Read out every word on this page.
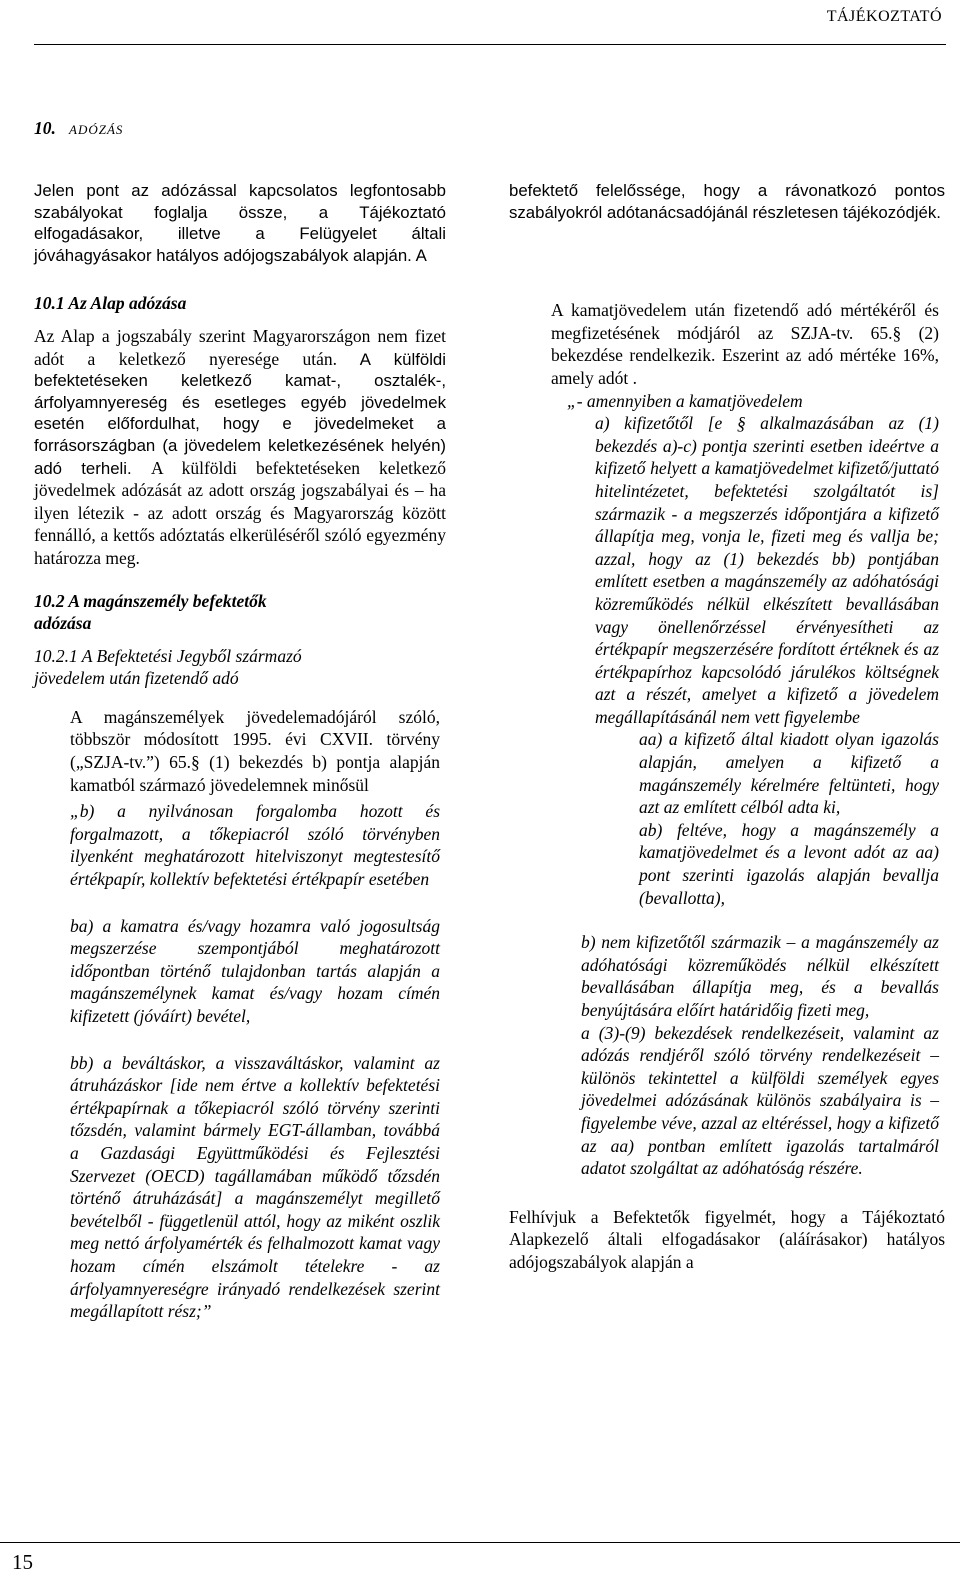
TÁJÉKOZTATÓ
10. ADÓZÁS

Jelen pont az adózással kapcsolatos legfontosabb szabályokat foglalja össze, a Tájékoztató elfogadásakor, illetve a Felügyelet általi jóváhagyásakor hatályos adójogszabályok alapján. A

10.1 Az Alap adózása

Az Alap a jogszabály szerint Magyarországon nem fizet adót a keletkező nyeresége után. A külföldi befektetéseken keletkező kamat-, osztalék-, árfolyamnyereség és esetleges egyéb jövedelmek esetén előfordulhat, hogy e jövedelmeket a forrásországban (a jövedelem keletkezésének helyén) adó terheli. A külföldi befektetéseken keletkező jövedelmek adózását az adott ország jogszabályai és – ha ilyen létezik - az adott ország és Magyarország között fennálló, a kettős adóztatás elkerüléséről szóló egyezmény határozza meg.

10.2 A magánszemély befektetők adózása

10.2.1 A Befektetési Jegyből származó jövedelem után fizetendő adó

A magánszemélyek jövedelemadójáról szóló, többször módosított 1995. évi CXVII. törvény („SZJA-tv.”) 65.§ (1) bekezdés b) pontja alapján kamatból származó jövedelemnek minősül

„b) a nyilvánosan forgalomba hozott és forgalmazott, a tőkepiacról szóló törvényben ilyenként meghatározott hitelviszonyt megtestesítő értékpapír, kollektív befektetési értékpapír esetében

ba) a kamatra és/vagy hozamra való jogosultság megszerzése szempontjából meghatározott időpontban történő tulajdonban tartás alapján a magánszemélynek kamat és/vagy hozam címén kifizetett (jóváírt) bevétel,

bb) a beváltáskor, a visszaváltáskor, valamint az átruházáskor [ide nem értve a kollektív befektetési értékpapírnak a tőkepiacról szóló törvény szerinti tőzsdén, valamint bármely EGT-államban, továbbá a Gazdasági Együttműködési és Fejlesztési Szervezet (OECD) tagállamában működő tőzsdén történő átruházását] a magánszemélyt megillető bevételből - függetlenül attól, hogy az miként oszlik meg nettó árfolyamérték és felhalmozott kamat vagy hozam címén elszámolt tételekre - az árfolyamnyereségre irányadó rendelkezések szerint megállapított rész;”

befektető felelőssége, hogy a rávonatkozó pontos szabályokról adótanácsadójánál részletesen tájékozódjék.

A kamatjövedelem után fizetendő adó mértékéről és megfizetésének módjáról az SZJA-tv. 65.§ (2) bekezdése rendelkezik. Eszerint az adó mértéke 16%, amely adót .

„- amennyiben a kamatjövedelem

a) kifizetőtől [e § alkalmazásában az (1) bekezdés a)-c) pontja szerinti esetben ideértve a kifizető helyett a kamatjövedelmet kifizető/juttató hitelintézetet, befektetési szolgáltatót is] származik - a megszerzés időpontjára a kifizető állapítja meg, vonja le, fizeti meg és vallja be; azzal, hogy az (1) bekezdés bb) pontjában említett esetben a magánszemély az adóhatósági közreműködés nélkül elkészített bevallásában vagy önellenőrzéssel érvényesítheti az értékpapír megszerzésére fordított értéknek és az értékpapírhoz kapcsolódó járulékos költségnek azt a részét, amelyet a kifizető a jövedelem megállapításánál nem vett figyelembe

aa) a kifizető által kiadott olyan igazolás alapján, amelyen a kifizető a magánszemély kérelmére feltünteti, hogy azt az említett célból adta ki,

ab) feltéve, hogy a magánszemély a kamatjövedelmet és a levont adót az aa) pont szerinti igazolás alapján bevallja (bevallotta),

b) nem kifizetőtől származik – a magánszemély az adóhatósági közreműködés nélkül elkészített bevallásában állapítja meg, és a bevallás benyújtására előírt határidőig fizeti meg,

a (3)-(9) bekezdések rendelkezéseit, valamint az adózás rendjéről szóló törvény rendelkezéseit – különös tekintettel a külföldi személyek egyes jövedelmei adózásának különös szabályaira is – figyelembe véve, azzal az eltéréssel, hogy a kifizető az aa) pontban említett igazolás tartalmáról adatot szolgáltat az adóhatóság részére.

Felhívjuk a Befektetők figyelmét, hogy a Tájékoztató Alapkezelő általi elfogadásakor (aláírásakor) hatályos adójogszabályok alapján a

15
